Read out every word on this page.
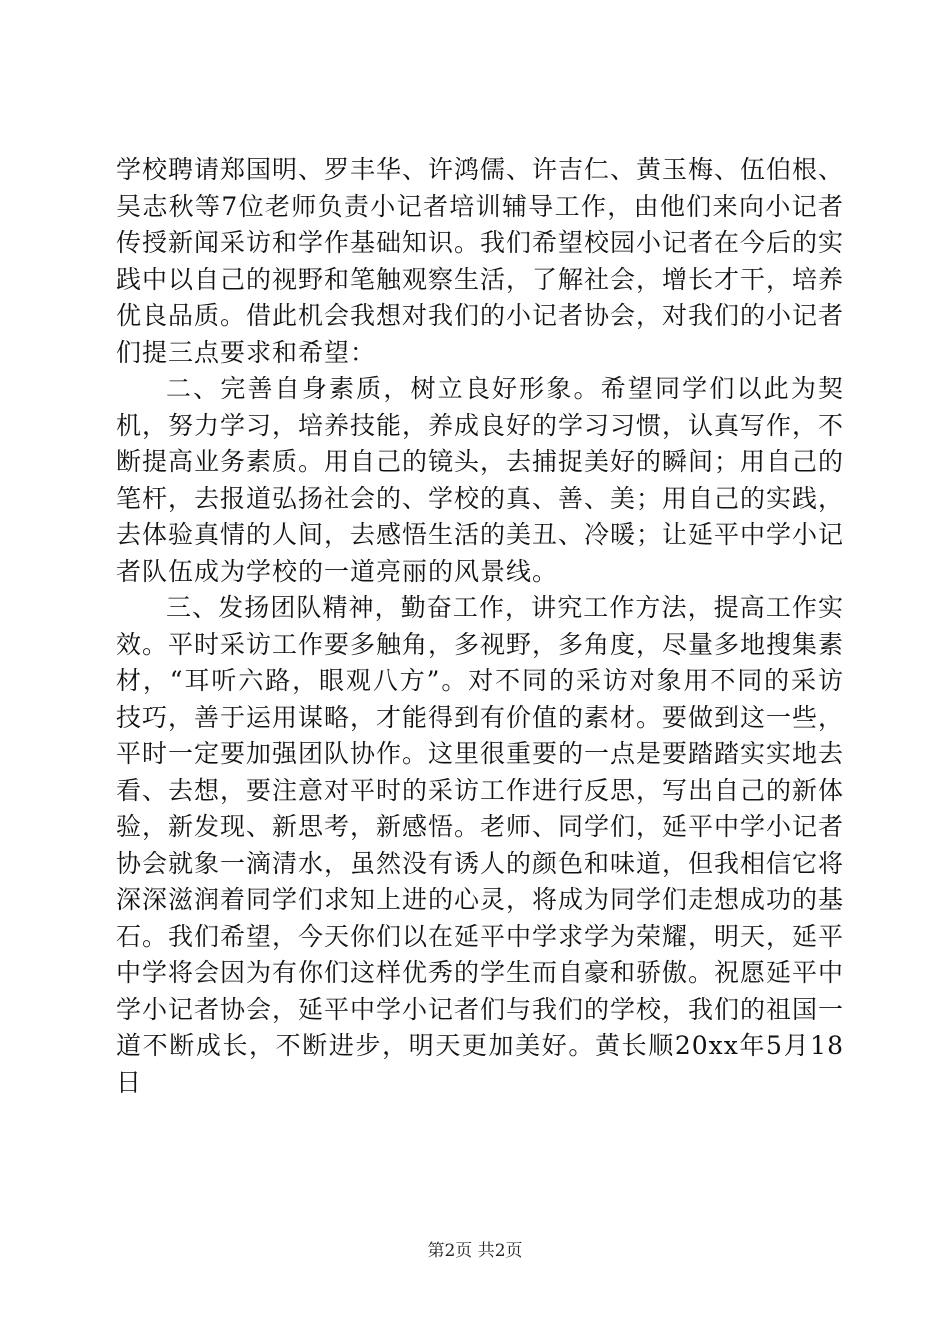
学校聘请郑国明、罗丰华、许鸿儒、许吉仁、黄玉梅、伍伯根、吴志秋等7位老师负责小记者培训辅导工作，由他们来向小记者传授新闻采访和学作基础知识。我们希望校园小记者在今后的实践中以自己的视野和笔触观察生活，了解社会，增长才干，培养优良品质。借此机会我想对我们的小记者协会，对我们的小记者们提三点要求和希望：

二、完善自身素质，树立良好形象。希望同学们以此为契机，努力学习，培养技能，养成良好的学习习惯，认真写作，不断提高业务素质。用自己的镜头，去捕捉美好的瞬间；用自己的笔杆，去报道弘扬社会的、学校的真、善、美；用自己的实践，去体验真情的人间，去感悟生活的美丑、冷暖；让延平中学小记者队伍成为学校的一道亮丽的风景线。

三、发扬团队精神，勤奋工作，讲究工作方法，提高工作实效。平时采访工作要多触角，多视野，多角度，尽量多地搜集素材，“耳听六路，眼观八方”。对不同的采访对象用不同的采访技巧，善于运用谋略，才能得到有价值的素材。要做到这一些，平时一定要加强团队协作。这里很重要的一点是要踏踏实实地去看、去想，要注意对平时的采访工作进行反思，写出自己的新体验，新发现、新思考，新感悟。老师、同学们，延平中学小记者协会就象一滴清水，虽然没有诱人的颜色和味道，但我相信它将深深滋润着同学们求知上进的心灵，将成为同学们走想成功的基石。我们希望，今天你们以在延平中学求学为荣耀，明天，延平中学将会因为有你们这样优秀的学生而自豪和骄傲。祝愿延平中学小记者协会，延平中学小记者们与我们的学校，我们的祖国一道不断成长，不断进步，明天更加美好。黄长顺20xx年5月18日

第2页 共2页
